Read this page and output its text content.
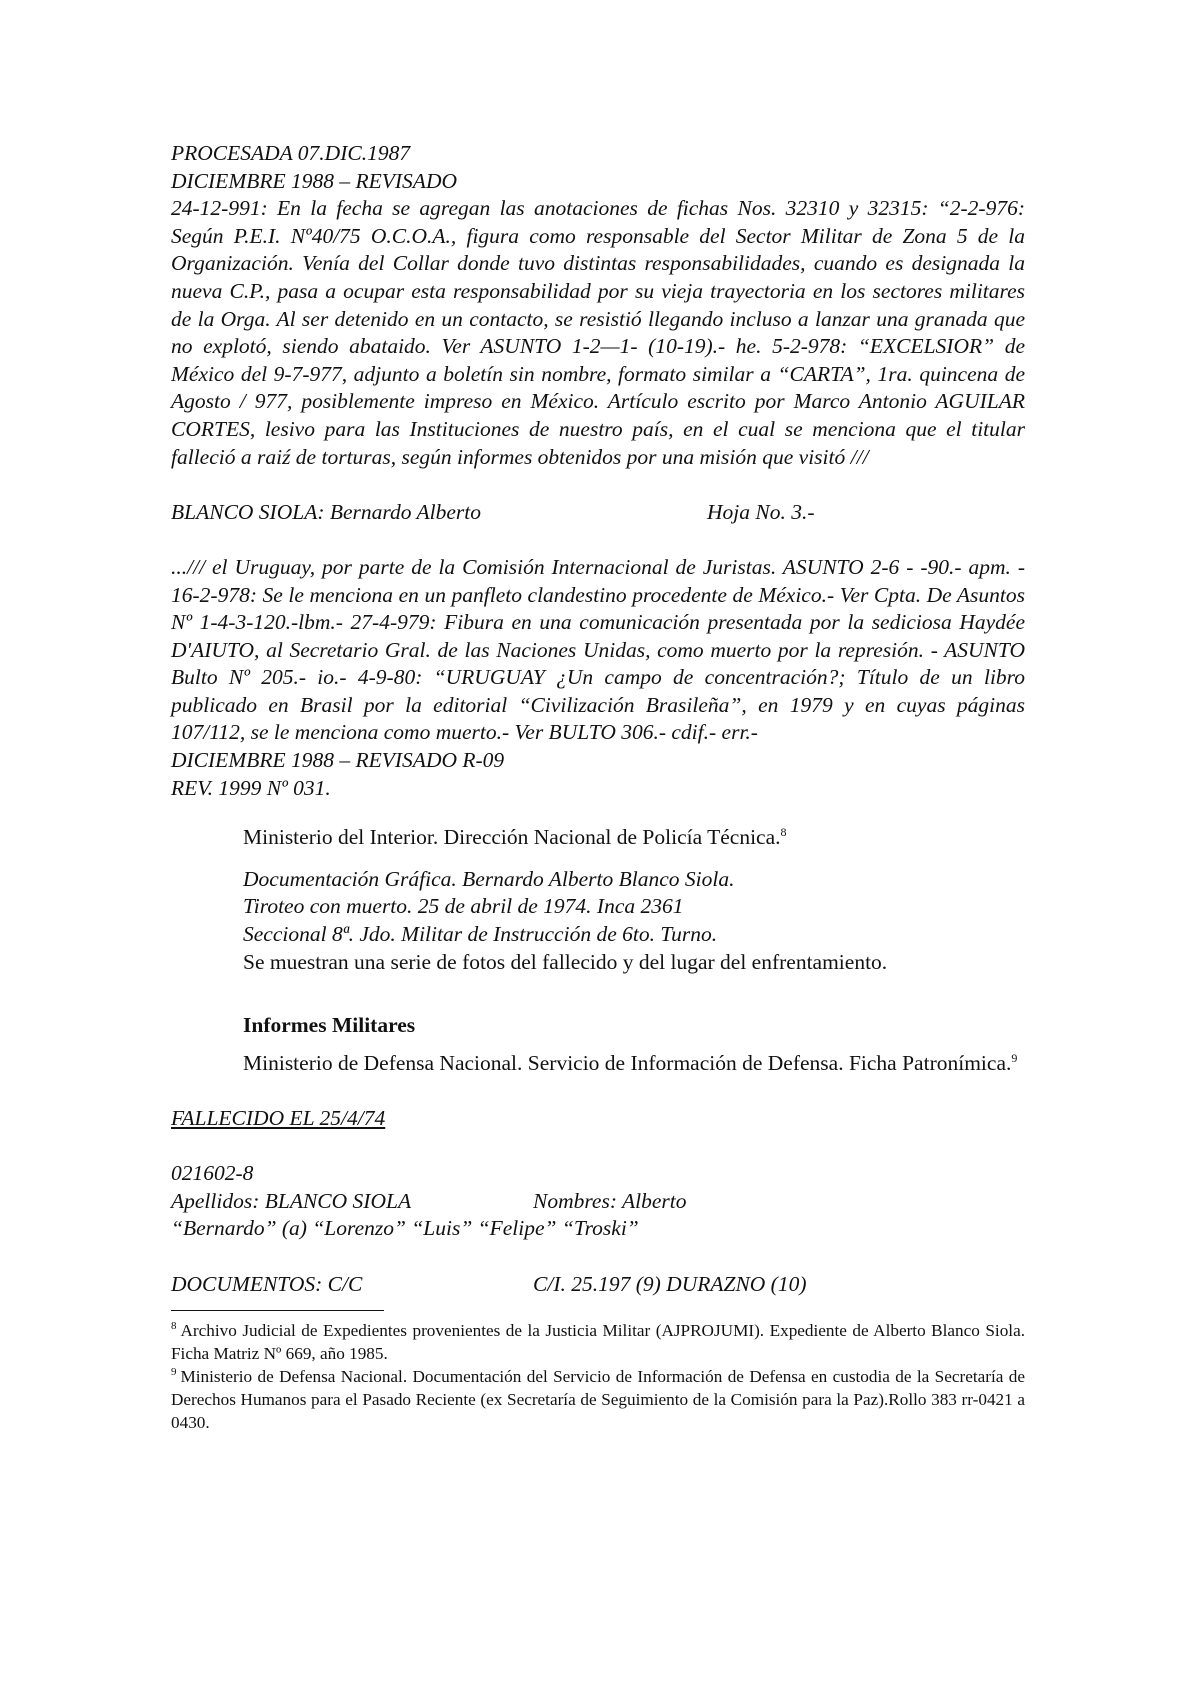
PROCESADA 07.DIC.1987
DICIEMBRE 1988 – REVISADO

24-12-991: En la fecha se agregan las anotaciones de fichas Nos. 32310 y 32315: “2-2-976: Según P.E.I. Nº40/75 O.C.O.A., figura como responsable del Sector Militar de Zona 5 de la Organización. Venía del Collar donde tuvo distintas responsabilidades, cuando es designada la nueva C.P., pasa a ocupar esta responsabilidad por su vieja trayectoria en los sectores militares de la Orga. Al ser detenido en un contacto, se resistió llegando incluso a lanzar una granada que no explotó, siendo abataido. Ver ASUNTO 1-2—1- (10-19).- he. 5-2-978: “EXCELSIOR” de México del 9-7-977, adjunto a boletín sin nombre, formato similar a “CARTA”, 1ra. quincena de Agosto / 977, posiblemente impreso en México. Artículo escrito por Marco Antonio AGUILAR CORTES, lesivo para las Instituciones de nuestro país, en el cual se menciona que el titular falleció a raiź de torturas, según informes obtenidos por una misión que visitó ///

BLANCO SIOLA: Bernardo Alberto	Hoja No. 3.-

.../// el Uruguay, por parte de la Comisión Internacional de Juristas. ASUNTO 2-6 - -90.- apm. - 16-2-978: Se le menciona en un panfleto clandestino procedente de México.- Ver Cpta. De Asuntos Nº 1-4-3-120.-lbm.- 27-4-979: Fibura en una comunicación presentada por la sediciosa Haydée D'AIUTO, al Secretario Gral. de las Naciones Unidas, como muerto por la represión. - ASUNTO Bulto Nº 205.- io.- 4-9-80: “URUGUAY ¿Un campo de concentración?; Título de un libro publicado en Brasil por la editorial “Civilización Brasileña”, en 1979 y en cuyas páginas 107/112, se le menciona como muerto.- Ver BULTO 306.- cdif.- err.-

DICIEMBRE 1988 – REVISADO R-09
REV. 1999 Nº 031.
Ministerio del Interior. Dirección Nacional de Policía Técnica.$^8$
Documentación Gráfica. Bernardo Alberto Blanco Siola.
Tiroteo con muerto. 25 de abril de 1974. Inca 2361
Seccional 8ª. Jdo. Militar de Instrucción de 6to. Turno.
Se muestran una serie de fotos del fallecido y del lugar del enfrentamiento.
Informes Militares

Ministerio de Defensa Nacional. Servicio de Información de Defensa. Ficha Patronímica.$^9$

FALLECIDO EL 25/4/74
021602-8
Apellidos: BLANCO SIOLA	Nombres: Alberto
“Bernardo” (a) “Lorenzo” “Luis” “Felipe” “Troski”
DOCUMENTOS: C/C	C/I. 25.197 (9) DURAZNO (10)

$^8$ Archivo Judicial de Expedientes provenientes de la Justicia Militar (AJPROJUMI). Expediente de Alberto Blanco Siola. Ficha Matriz Nº 669, año 1985.

$^9$ Ministerio de Defensa Nacional. Documentación del Servicio de Información de Defensa en custodia de la Secretaría de Derechos Humanos para el Pasado Reciente (ex Secretaría de Seguimiento de la Comisión para la Paz).Rollo 383 rr-0421 a 0430.
